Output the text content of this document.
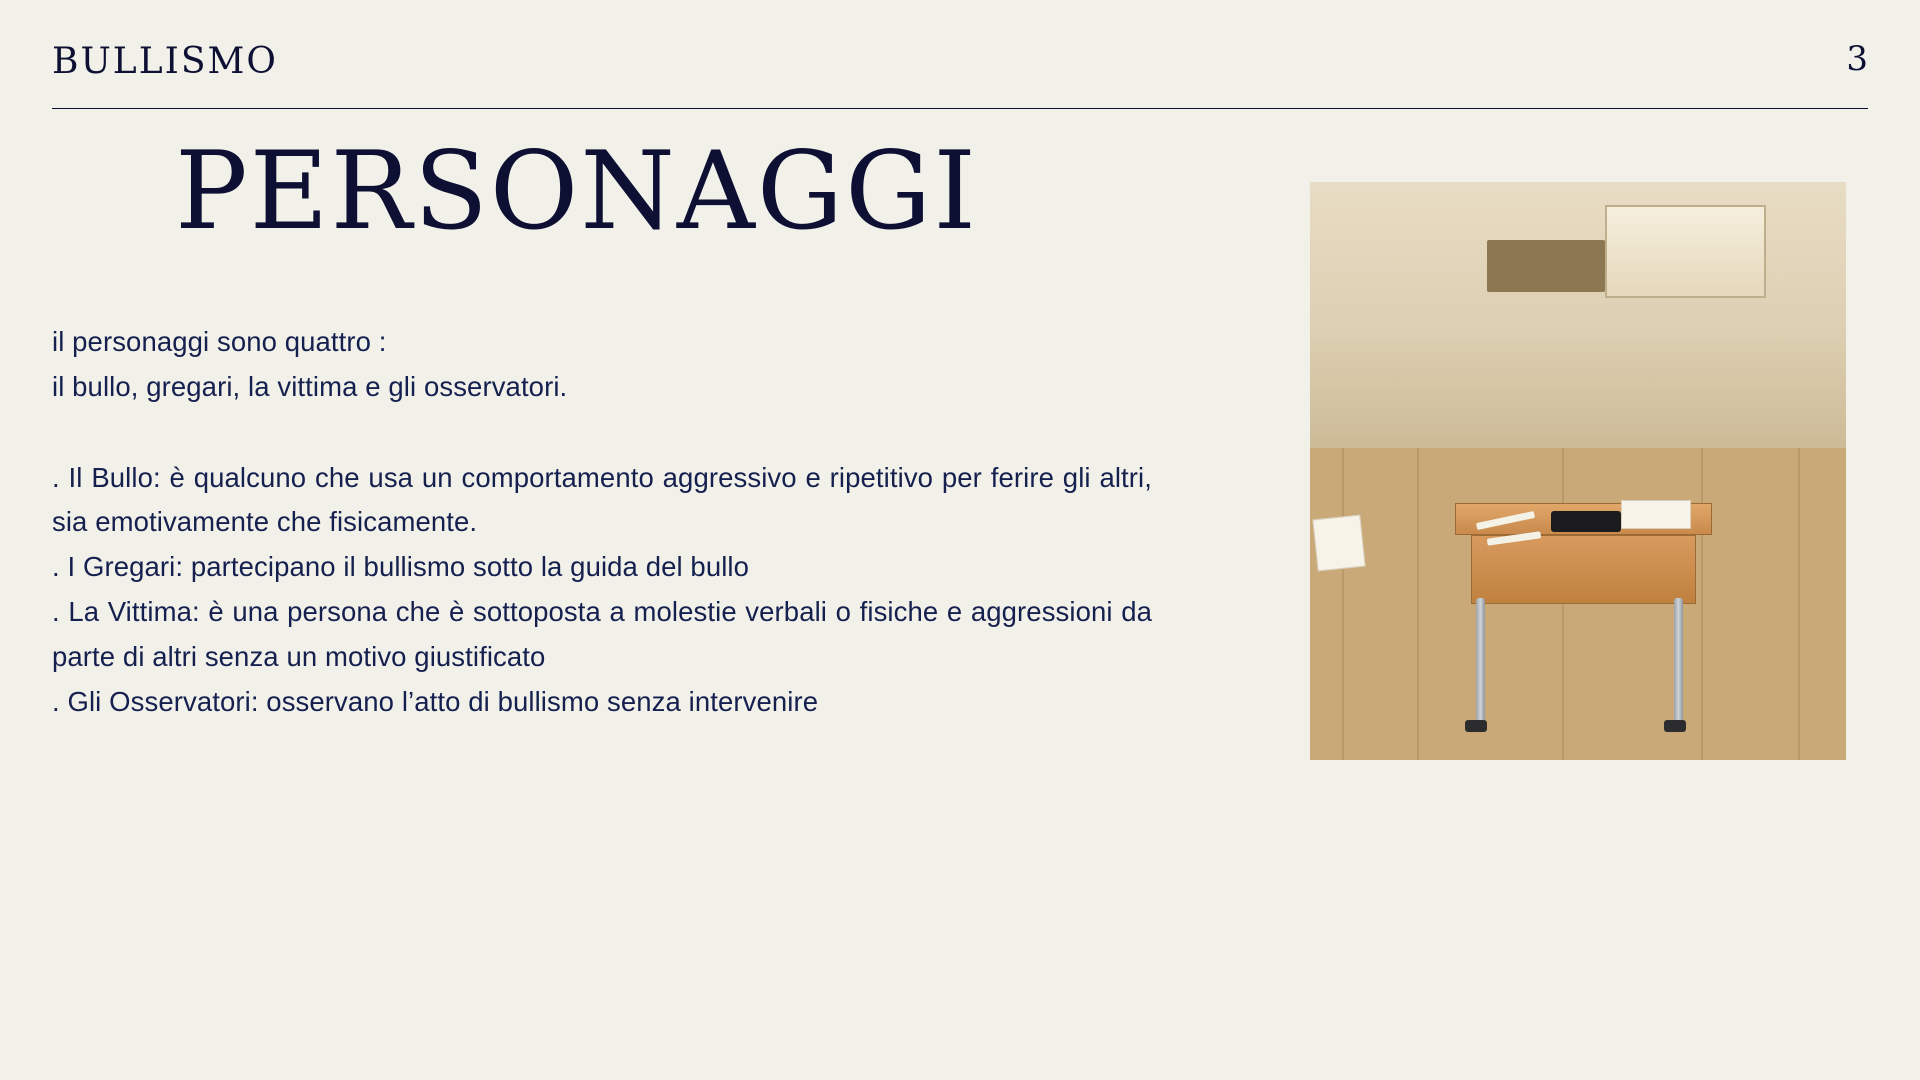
BULLISMO	3
PERSONAGGI

il personaggi sono quattro :

il bullo, gregari, la vittima e gli osservatori.

. Il Bullo: è qualcuno che usa un comportamento aggressivo e ripetitivo per ferire gli altri, sia emotivamente che fisicamente.

. I Gregari: partecipano il bullismo sotto la guida del bullo

. La Vittima: è una persona che è sottoposta a molestie verbali o fisiche e aggressioni da parte di altri senza un motivo giustificato

. Gli Osservatori: osservano l’atto di bullismo senza intervenire
